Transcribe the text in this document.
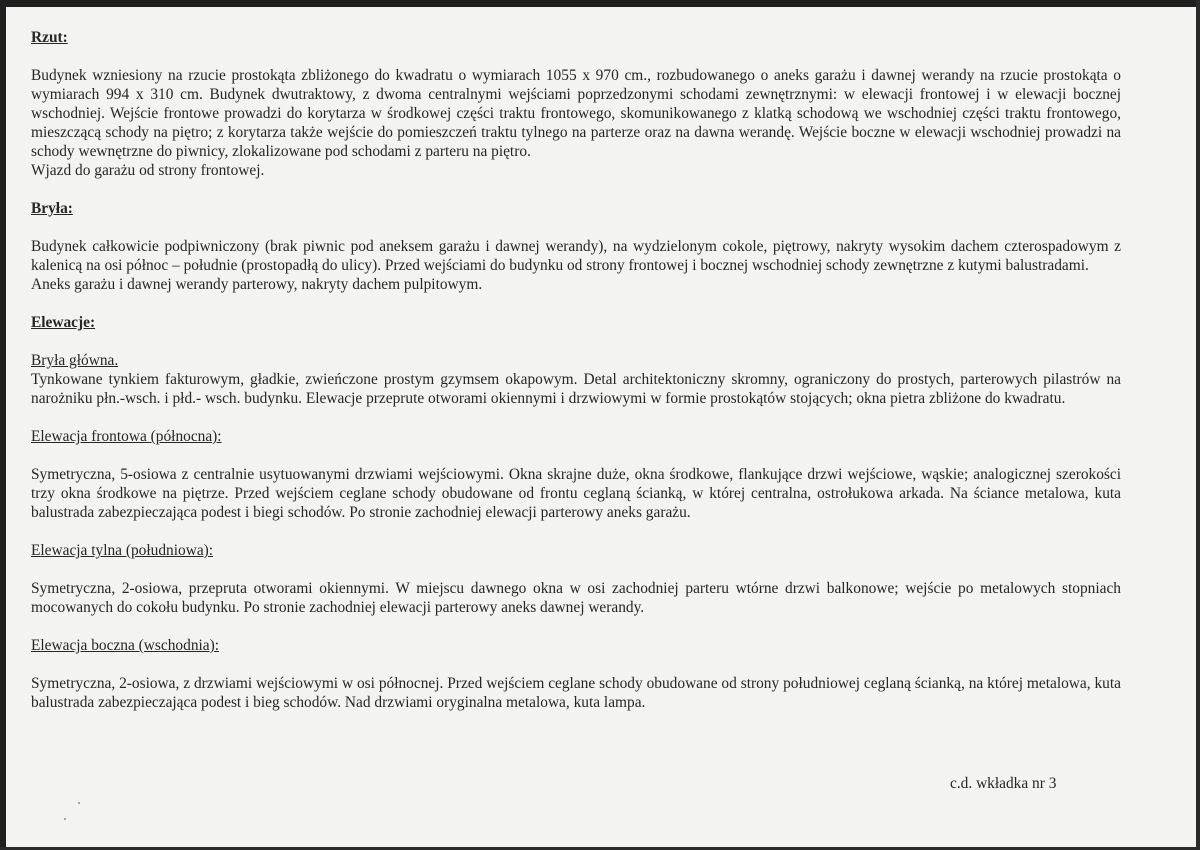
Rzut:

Budynek wzniesiony na rzucie prostokąta zbliżonego do kwadratu o wymiarach 1055 x 970 cm., rozbudowanego o aneks garażu i dawnej werandy na rzucie prostokąta o wymiarach 994 x 310 cm. Budynek dwutraktowy, z dwoma centralnymi wejściami poprzedzonymi schodami zewnętrznymi: w elewacji frontowej i w elewacji bocznej wschodniej. Wejście frontowe prowadzi do korytarza w środkowej części traktu frontowego, skomunikowanego z klatką schodową we wschodniej części traktu frontowego, mieszczącą schody na piętro; z korytarza także wejście do pomieszczeń traktu tylnego na parterze oraz na dawna werandę. Wejście boczne w elewacji wschodniej prowadzi na schody wewnętrzne do piwnicy, zlokalizowane pod schodami z parteru na piętro.

Wjazd do garażu od strony frontowej.

Bryła:

Budynek całkowicie podpiwniczony (brak piwnic pod aneksem garażu i dawnej werandy), na wydzielonym cokole, piętrowy, nakryty wysokim dachem czterospadowym z kalenicą na osi północ – południe (prostopadłą do ulicy). Przed wejściami do budynku od strony frontowej i bocznej wschodniej schody zewnętrzne z kutymi balustradami.

Aneks garażu i dawnej werandy parterowy, nakryty dachem pulpitowym.

Elewacje:

Bryła główna.

Tynkowane tynkiem fakturowym, gładkie, zwieńczone prostym gzymsem okapowym. Detal architektoniczny skromny, ograniczony do prostych, parterowych pilastrów na narożniku płn.-wsch. i płd.- wsch. budynku. Elewacje przeprute otworami okiennymi i drzwiowymi w formie prostokątów stojących; okna pietra zbliżone do kwadratu.

Elewacja frontowa (północna):

Symetryczna, 5-osiowa z centralnie usytuowanymi drzwiami wejściowymi. Okna skrajne duże, okna środkowe, flankujące drzwi wejściowe, wąskie; analogicznej szerokości trzy okna środkowe na piętrze. Przed wejściem ceglane schody obudowane od frontu ceglaną ścianką, w której centralna, ostrołukowa arkada. Na ściance metalowa, kuta balustrada zabezpieczająca podest i biegi schodów. Po stronie zachodniej elewacji parterowy aneks garażu.

Elewacja tylna (południowa):

Symetryczna, 2-osiowa, przeprutа otworami okiennymi. W miejscu dawnego okna w osi zachodniej parteru wtórne drzwi balkonowe; wejście po metalowych stopniach mocowanych do cokołu budynku. Po stronie zachodniej elewacji parterowy aneks dawnej werandy.

Elewacja boczna (wschodnia):

Symetryczna, 2-osiowa, z drzwiami wejściowymi w osi północnej. Przed wejściem ceglane schody obudowane od strony południowej ceglaną ścianką, na której metalowa, kuta balustrada zabezpieczająca podest i bieg schodów. Nad drzwiami oryginalna metalowa, kuta lampa.

c.d. wkładka nr 3
